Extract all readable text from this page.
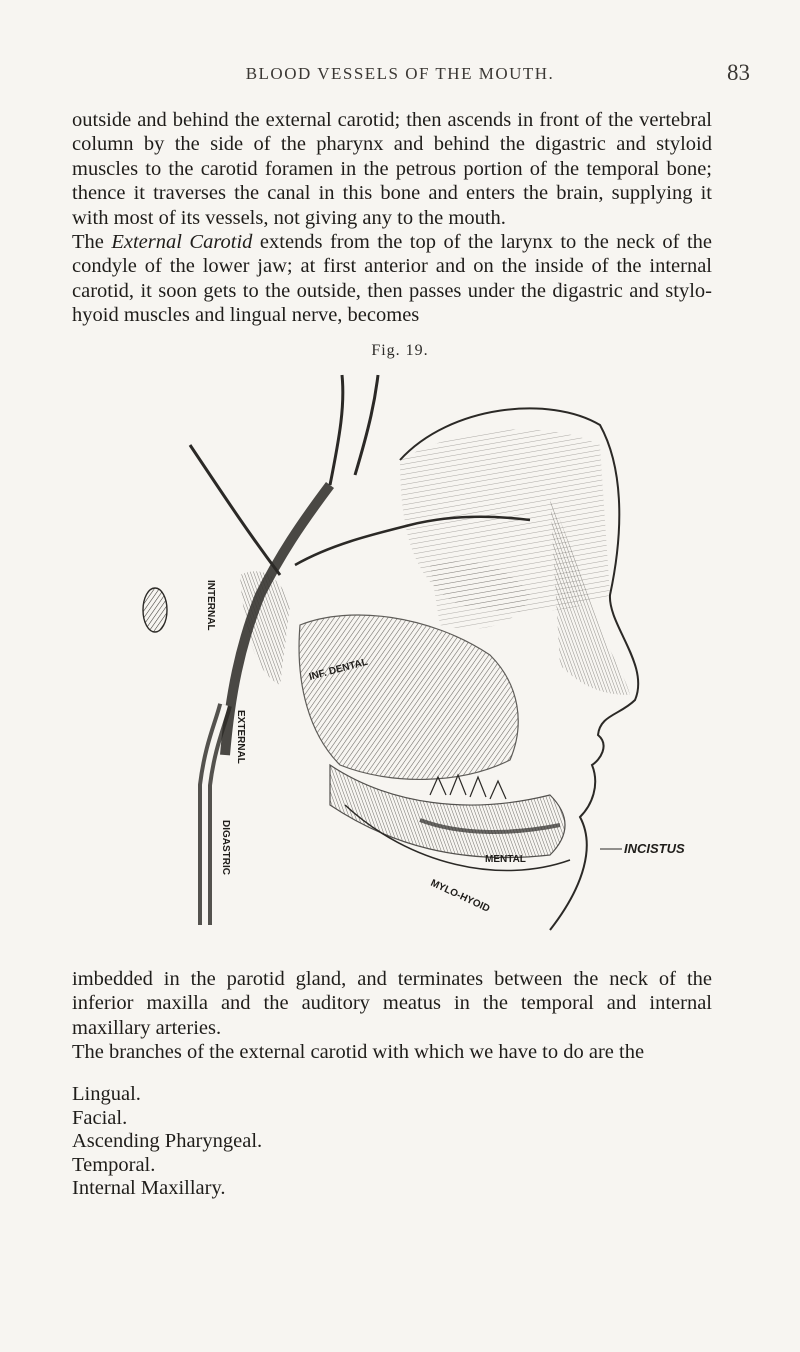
BLOOD VESSELS OF THE MOUTH.	83

outside and behind the external carotid; then ascends in front of the vertebral column by the side of the pharynx and behind the digastric and styloid muscles to the carotid foramen in the petrous portion of the temporal bone; thence it traverses the canal in this bone and enters the brain, supplying it with most of its vessels, not giving any to the mouth.

The External Carotid extends from the top of the larynx to the neck of the condyle of the lower jaw; at first anterior and on the inside of the internal carotid, it soon gets to the outside, then passes under the digastric and stylo-hyoid muscles and lingual nerve, becomes

Fig. 19.
INCISTUS
MENTAL
MYLO-HYOID
EXTERNAL
INTERNAL
DIGASTRIC
INF. DENTAL

imbedded in the parotid gland, and terminates between the neck of the inferior maxilla and the auditory meatus in the temporal and internal maxillary arteries.

The branches of the external carotid with which we have to do are the

Lingual.
Facial.
Ascending Pharyngeal.
Temporal.
Internal Maxillary.
